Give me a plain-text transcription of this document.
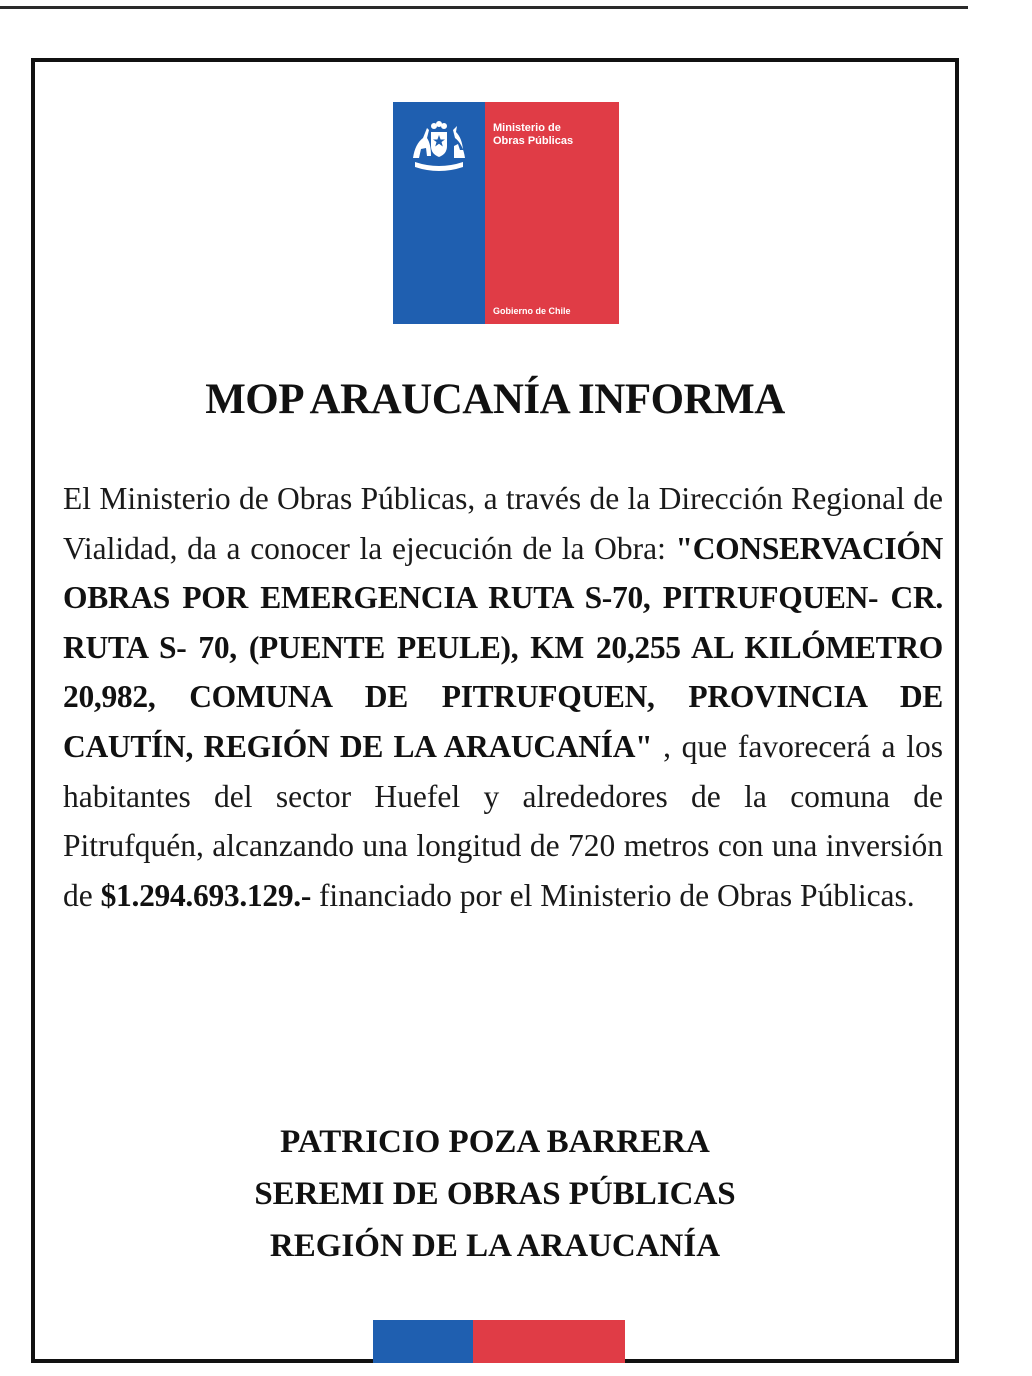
Ministerio de
Obras Públicas
Gobierno de Chile
MOP ARAUCANÍA INFORMA

El Ministerio de Obras Públicas, a través de la Dirección Regional de Vialidad, da a conocer la ejecución de la Obra: "CONSERVACIÓN OBRAS POR EMERGENCIA RUTA S-70, PITRUFQUEN- CR. RUTA S- 70, (PUENTE PEULE), KM 20,255 AL KILÓMETRO 20,982, COMUNA DE PITRUFQUEN, PROVINCIA DE CAUTÍN, REGIÓN DE LA ARAUCANÍA" , que favorecerá a los habitantes del sector Huefel y alrededores de la comuna de Pitrufquén, alcanzando una longitud de 720 metros con una inversión de $1.294.693.129.- financiado por el Ministerio de Obras Públicas.

PATRICIO POZA BARRERA
SEREMI DE OBRAS PÚBLICAS
REGIÓN DE LA ARAUCANÍA
